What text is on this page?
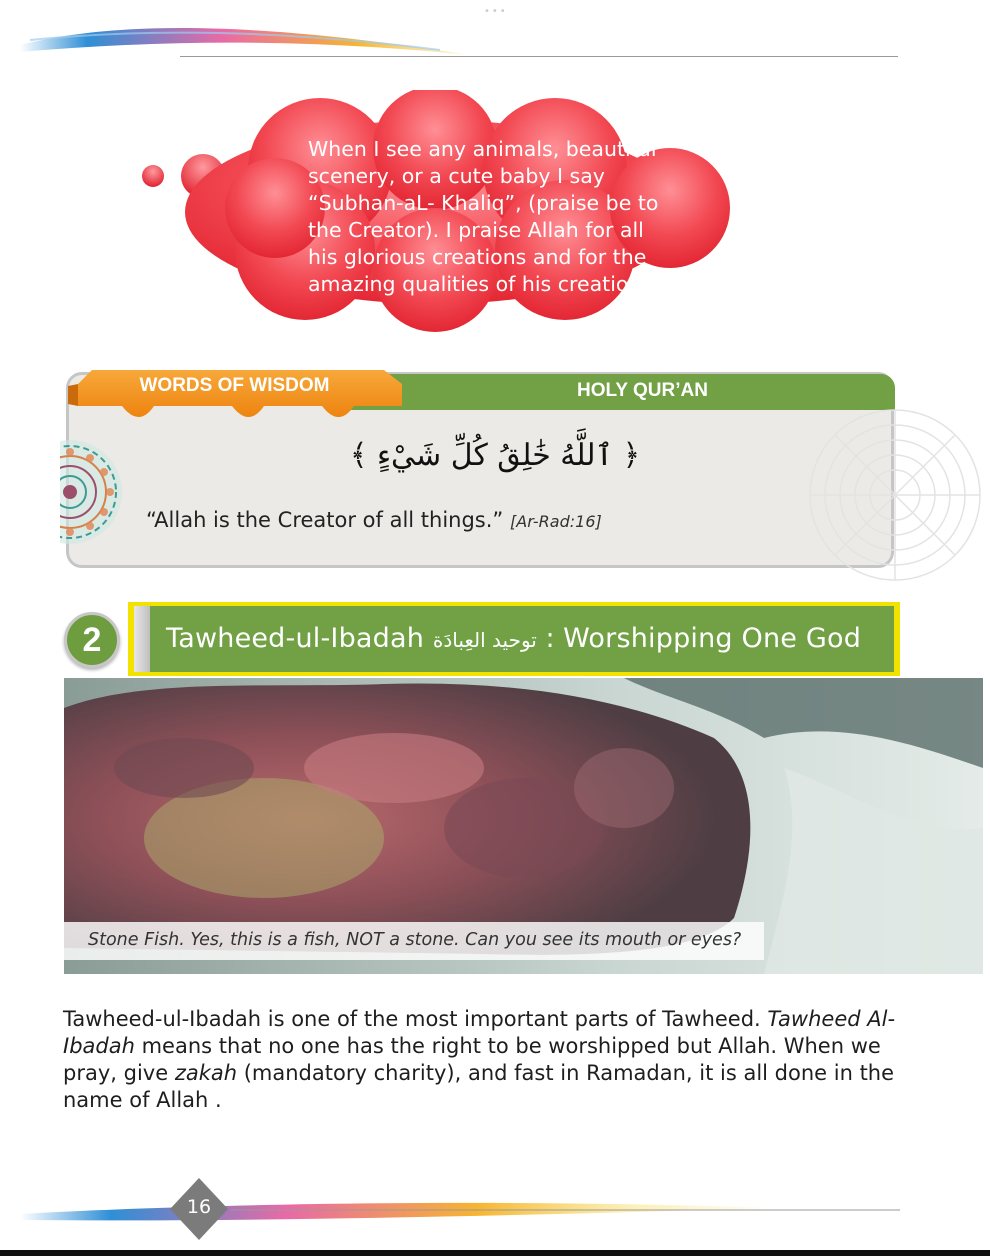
•••
When I see any animals, beautiful
scenery, or a cute baby I say
“Subhan-aL- Khaliq”, (praise be to
the Creator). I praise Allah for all
his glorious creations and for the
amazing qualities of his creations.
HOLY QUR’AN
WORDS OF WISDOM
﴿ ٱللَّهُ خَٰلِقُ كُلِّ شَيْءٍ ﴾
“Allah is the Creator of all things.” [Ar-Rad:16]
2	Tawheed-ul-Ibadah توحيد العِبادَة : Worshipping One God
Stone Fish. Yes, this is a fish, NOT a stone. Can you see its mouth or eyes?
Tawheed-ul-Ibadah is one of the most important parts of Tawheed. Tawheed Al-Ibadah means that no one has the right to be worshipped but Allah. When we pray, give zakah (mandatory charity), and fast in Ramadan, it is all done in the name of Allah .
16
